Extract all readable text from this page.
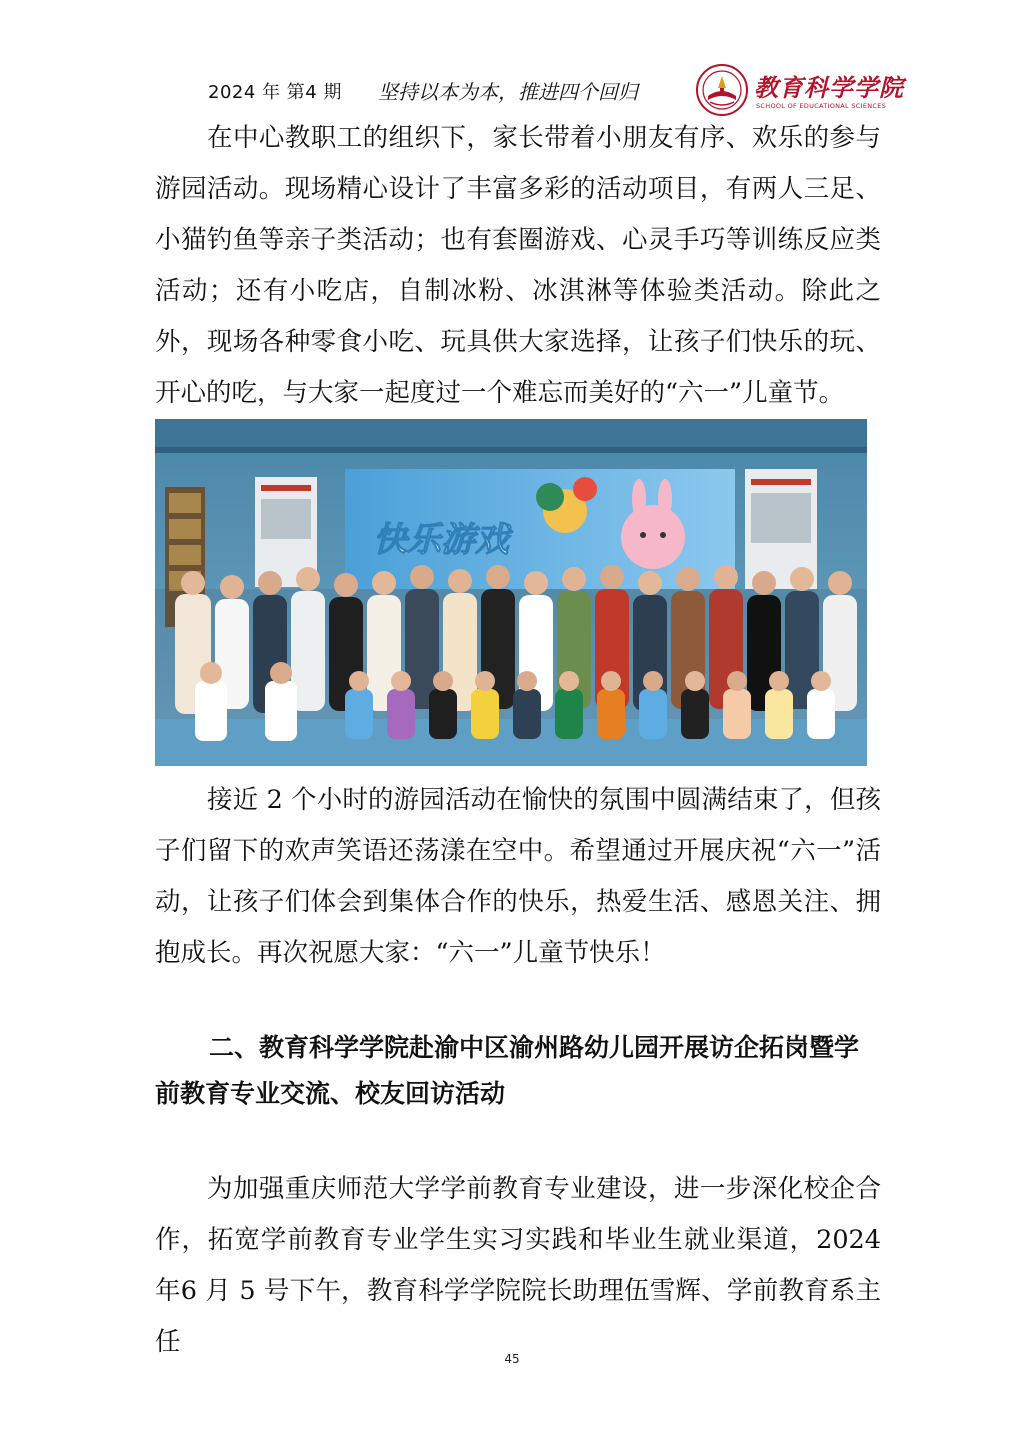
2024 年 第4 期 坚持以本为本，推进四个回归	教育科学学院
SCHOOL OF EDUCATIONAL SCIENCES

在中心教职工的组织下，家长带着小朋友有序、欢乐的参与游园活动。现场精心设计了丰富多彩的活动项目，有两人三足、小猫钓鱼等亲子类活动；也有套圈游戏、心灵手巧等训练反应类活动；还有小吃店，自制冰粉、冰淇淋等体验类活动。除此之外，现场各种零食小吃、玩具供大家选择，让孩子们快乐的玩、开心的吃，与大家一起度过一个难忘而美好的“六一”儿童节。

快乐游戏

接近 2 个小时的游园活动在愉快的氛围中圆满结束了，但孩子们留下的欢声笑语还荡漾在空中。希望通过开展庆祝“六一”活动，让孩子们体会到集体合作的快乐，热爱生活、感恩关注、拥抱成长。再次祝愿大家：“六一”儿童节快乐！

二、教育科学学院赴渝中区渝州路幼儿园开展访企拓岗暨学前教育专业交流、校友回访活动

为加强重庆师范大学学前教育专业建设，进一步深化校企合作，拓宽学前教育专业学生实习实践和毕业生就业渠道，2024 年6 月 5 号下午，教育科学学院院长助理伍雪辉、学前教育系主任

45
